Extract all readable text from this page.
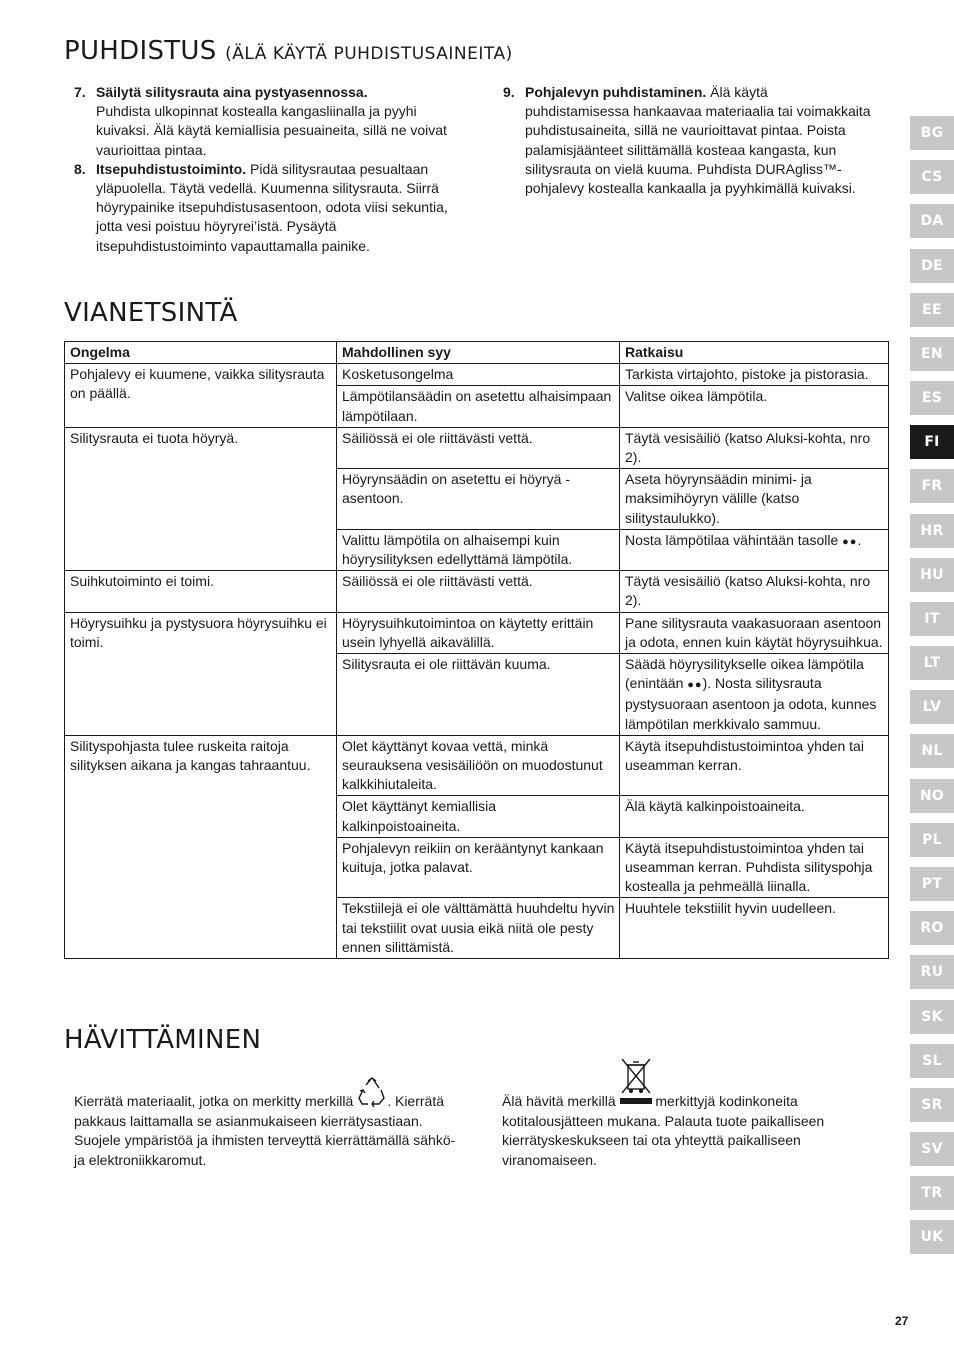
PUHDISTUS (ÄLÄ KÄYTÄ PUHDISTUSAINEITA)
7. Säilytä silitysrauta aina pystyasennossa.
Puhdista ulkopinnat kostealla kangasliinalla ja pyyhi kuivaksi. Älä käytä kemiallisia pesuaineita, sillä ne voivat vaurioittaa pintaa.
8. Itsepuhdistustoiminto. Pidä silitysrautaa pesualtaan yläpuolella. Täytä vedellä. Kuumenna silitysrauta. Siirrä höyrypainike itsepuhdistusasentoon, odota viisi sekuntia, jotta vesi poistuu höyryrei’istä. Pysäytä itsepuhdistustoiminto vapauttamalla painike.
9. Pohjalevyn puhdistaminen. Älä käytä puhdistamisessa hankaavaa materiaalia tai voimakkaita puhdistusaineita, sillä ne vaurioittavat pintaa. Poista palamisjäänteet silittämällä kosteaa kangasta, kun silitysrauta on vielä kuuma. Puhdista DURAgliss™-pohjalevy kostealla kankaalla ja pyyhkimällä kuivaksi.
VIANETSINTÄ
Ongelma	Mahdollinen syy	Ratkaisu
Pohjalevy ei kuumene, vaikka silitysrauta on päällä.	Kosketusongelma	Tarkista virtajohto, pistoke ja pistorasia.
	Lämpötilansäädin on asetettu alhaisimpaan lämpötilaan.	Valitse oikea lämpötila.
Silitysrauta ei tuota höyryä.	Säiliössä ei ole riittävästi vettä.	Täytä vesisäiliö (katso Aluksi-kohta, nro 2).
	Höyrynsäädin on asetettu ei höyryä -asentoon.	Aseta höyrynsäädin minimi- ja maksimihöyryn välille (katso silitystaulukko).
	Valittu lämpötila on alhaisempi kuin höyrysilityksen edellyttämä lämpötila.	Nosta lämpötilaa vähintään tasolle ●●.
Suihkutoiminto ei toimi.	Säiliössä ei ole riittävästi vettä.	Täytä vesisäiliö (katso Aluksi-kohta, nro 2).
Höyrysuihku ja pystysuora höyrysuihku ei toimi.	Höyrysuihkutoimintoa on käytetty erittäin usein lyhyellä aikavälillä.	Pane silitysrauta vaakasuoraan asentoon ja odota, ennen kuin käytät höyrysuihkua.
	Silitysrauta ei ole riittävän kuuma.	Säädä höyrysilitykselle oikea lämpötila (enintään ●●). Nosta silitysrauta pystysuoraan asentoon ja odota, kunnes lämpötilan merkkivalo sammuu.
Silityspohjasta tulee ruskeita raitoja silityksen aikana ja kangas tahraantuu.	Olet käyttänyt kovaa vettä, minkä seurauksena vesisäiliöön on muodostunut kalkkihiutaleita.	Käytä itsepuhdistustoimintoa yhden tai useamman kerran.
	Olet käyttänyt kemiallisia kalkinpoistoaineita.	Älä käytä kalkinpoistoaineita.
	Pohjalevyn reikiin on kerääntynyt kankaan kuituja, jotka palavat.	Käytä itsepuhdistustoimintoa yhden tai useamman kerran. Puhdista silityspohja kostealla ja pehmeällä liinalla.
	Tekstiilejä ei ole välttämättä huuhdeltu hyvin tai tekstiilit ovat uusia eikä niitä ole pesty ennen silittämistä.	Huuhtele tekstiilit hyvin uudelleen.
HÄVITTÄMINEN
Kierrätä materiaalit, jotka on merkitty merkillä . Kierrätä pakkaus laittamalla se asianmukaiseen kierrätysastiaan. Suojele ympäristöä ja ihmisten terveyttä kierrättämällä sähkö- ja elektroniikkaromut.
Älä hävitä merkillä	merkittyjä kodinkoneita kotitalousjätteen mukana. Palauta tuote paikalliseen kierrätyskeskukseen tai ota yhteyttä paikalliseen viranomaiseen.
BG
CS
DA
DE
EE
EN
ES
FI
FR
HR
HU
IT
LT
LV
NL
NO
PL
PT
RO
RU
SK
SL
SR
SV
TR
UK
27
